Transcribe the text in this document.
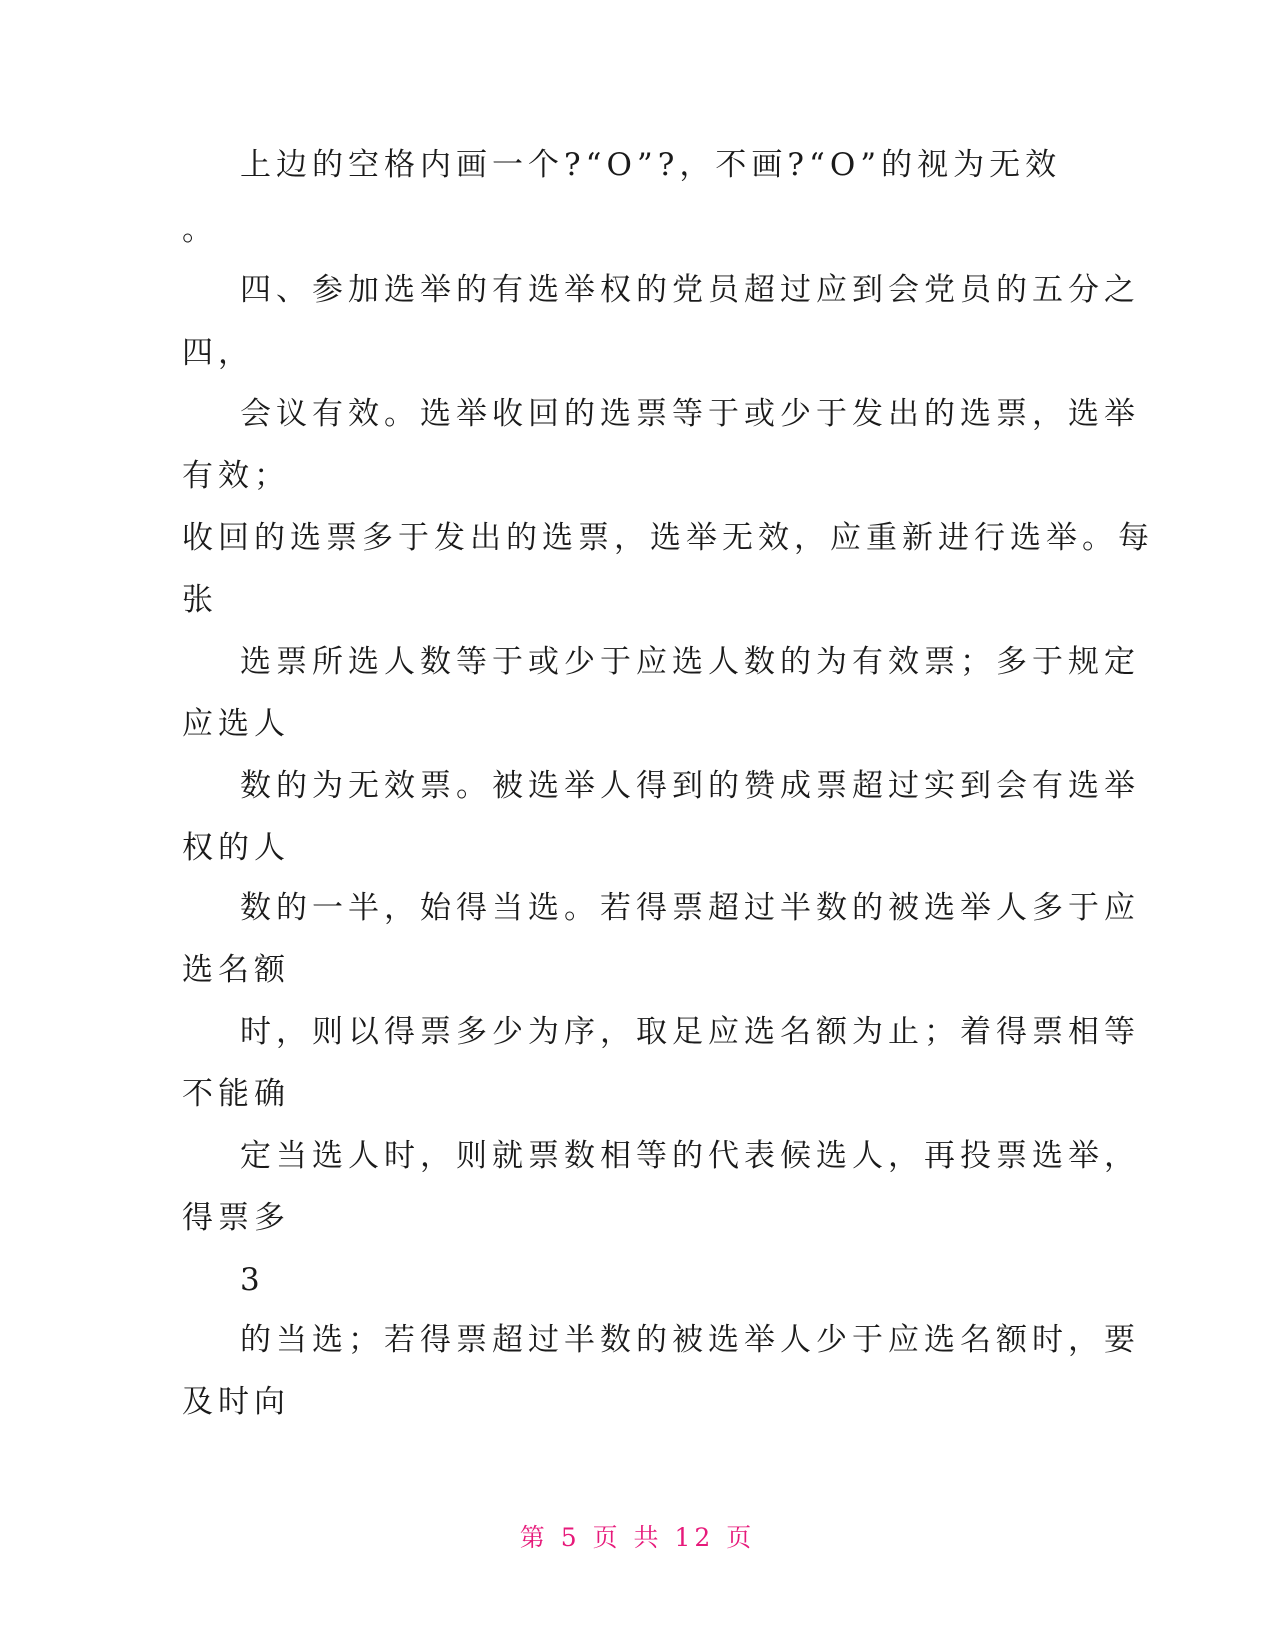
上边的空格内画一个?“O”?，不画?“O”的视为无效
。
四、参加选举的有选举权的党员超过应到会党员的五分之
四，
会议有效。选举收回的选票等于或少于发出的选票，选举
有效；
收回的选票多于发出的选票，选举无效，应重新进行选举。每
张
选票所选人数等于或少于应选人数的为有效票；多于规定
应选人
数的为无效票。被选举人得到的赞成票超过实到会有选举
权的人
数的一半，始得当选。若得票超过半数的被选举人多于应
选名额
时，则以得票多少为序，取足应选名额为止；着得票相等
不能确
定当选人时，则就票数相等的代表候选人，再投票选举，
得票多
3
的当选；若得票超过半数的被选举人少于应选名额时，要
及时向
第 5 页 共 12 页
